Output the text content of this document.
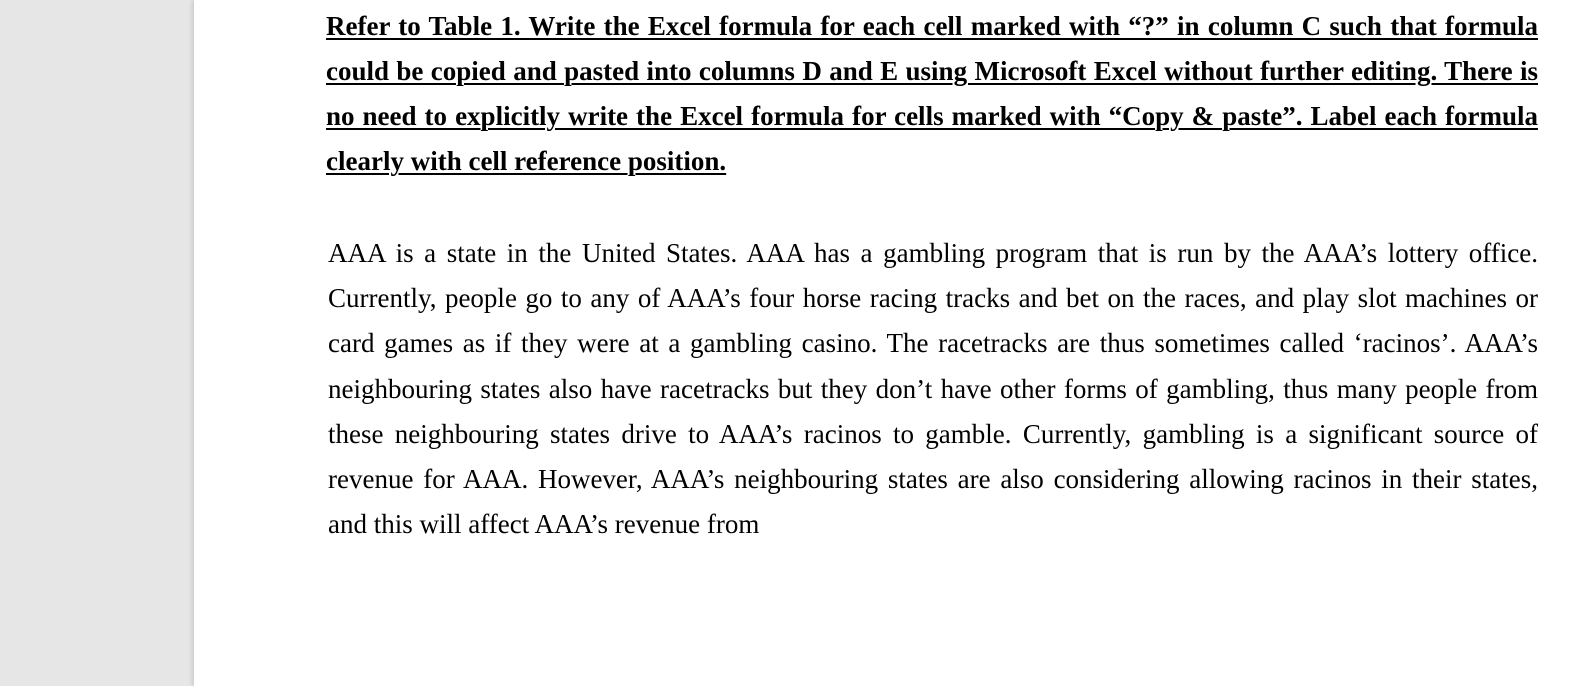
Refer to Table 1. Write the Excel formula for each cell marked with “?” in column C such that formula could be copied and pasted into columns D and E using Microsoft Excel without further editing. There is no need to explicitly write the Excel formula for cells marked with “Copy & paste”. Label each formula clearly with cell reference position.

AAA is a state in the United States. AAA has a gambling program that is run by the AAA’s lottery office. Currently, people go to any of AAA’s four horse racing tracks and bet on the races, and play slot machines or card games as if they were at a gambling casino. The racetracks are thus sometimes called ‘racinos’. AAA’s neighbouring states also have racetracks but they don’t have other forms of gambling, thus many people from these neighbouring states drive to AAA’s racinos to gamble. Currently, gambling is a significant source of revenue for AAA. However, AAA’s neighbouring states are also considering allowing racinos in their states, and this will affect AAA’s revenue from
